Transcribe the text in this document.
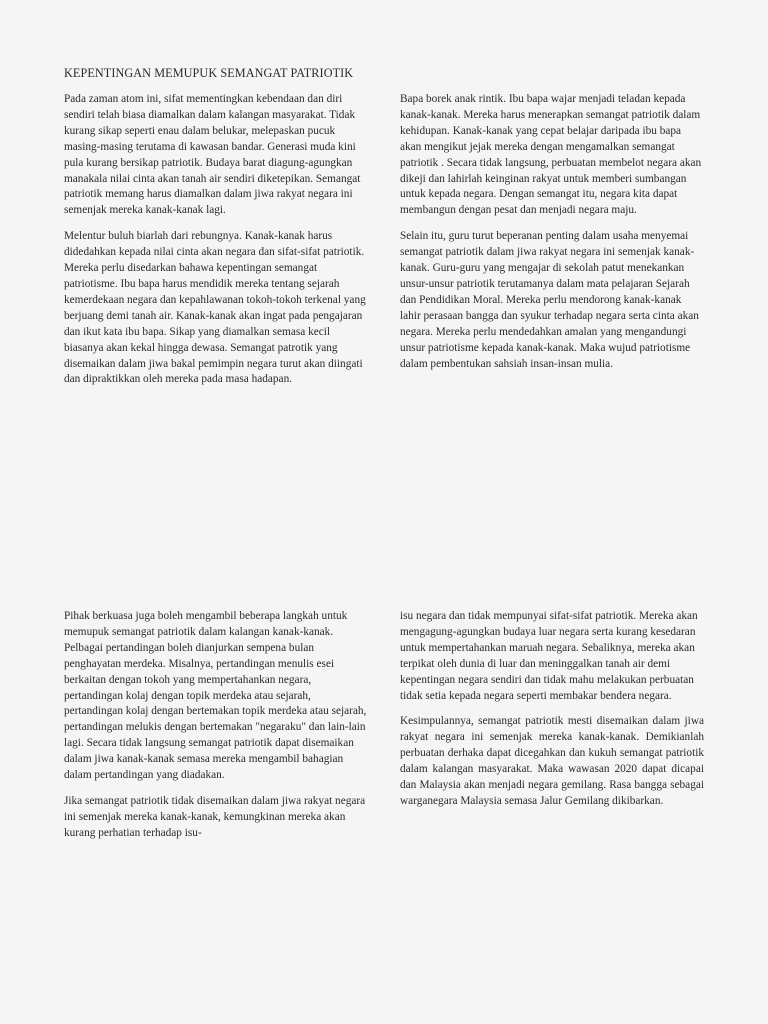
KEPENTINGAN MEMUPUK SEMANGAT PATRIOTIK

Pada zaman atom ini, sifat mementingkan kebendaan dan diri sendiri telah biasa diamalkan dalam kalangan masyarakat. Tidak kurang sikap seperti enau dalam belukar, melepaskan pucuk masing-masing terutama di kawasan bandar. Generasi muda kini pula kurang bersikap patriotik. Budaya barat diagung-agungkan manakala nilai cinta akan tanah air sendiri diketepikan. Semangat patriotik memang harus diamalkan dalam jiwa rakyat negara ini semenjak mereka kanak-kanak lagi.

Melentur buluh biarlah dari rebungnya. Kanak-kanak harus didedahkan kepada nilai cinta akan negara dan sifat-sifat patriotik. Mereka perlu disedarkan bahawa kepentingan semangat patriotisme. Ibu bapa harus mendidik mereka tentang sejarah kemerdekaan negara dan kepahlawanan tokoh-tokoh terkenal yang berjuang demi tanah air. Kanak-kanak akan ingat pada pengajaran dan ikut kata ibu bapa. Sikap yang diamalkan semasa kecil biasanya akan kekal hingga dewasa. Semangat patrotik yang disemaikan dalam jiwa bakal pemimpin negara turut akan diingati dan dipraktikkan oleh mereka pada masa hadapan.

Bapa borek anak rintik. Ibu bapa wajar menjadi teladan kepada kanak-kanak. Mereka harus menerapkan semangat patriotik dalam kehidupan. Kanak-kanak yang cepat belajar daripada ibu bapa akan mengikut jejak mereka dengan mengamalkan semangat patriotik . Secara tidak langsung, perbuatan membelot negara akan dikeji dan lahirlah keinginan rakyat untuk memberi sumbangan untuk kepada negara. Dengan semangat itu, negara kita dapat membangun dengan pesat dan menjadi negara maju.

Selain itu, guru turut beperanan penting dalam usaha menyemai semangat patriotik dalam jiwa rakyat negara ini semenjak kanak-kanak. Guru-guru yang mengajar di sekolah patut menekankan unsur-unsur patriotik terutamanya dalam mata pelajaran Sejarah dan Pendidikan Moral. Mereka perlu mendorong kanak-kanak lahir perasaan bangga dan syukur terhadap negara serta cinta akan negara. Mereka perlu mendedahkan amalan yang mengandungi unsur patriotisme kepada kanak-kanak. Maka wujud patriotisme dalam pembentukan sahsiah insan-insan mulia.

Pihak berkuasa juga boleh mengambil beberapa langkah untuk memupuk semangat patriotik dalam kalangan kanak-kanak. Pelbagai pertandingan boleh dianjurkan sempena bulan penghayatan merdeka. Misalnya, pertandingan menulis esei berkaitan dengan tokoh yang mempertahankan negara, pertandingan kolaj dengan topik merdeka atau sejarah, pertandingan kolaj dengan bertemakan topik merdeka atau sejarah, pertandingan melukis dengan bertemakan "negaraku" dan lain-lain lagi. Secara tidak langsung semangat patriotik dapat disemaikan dalam jiwa kanak-kanak semasa mereka mengambil bahagian dalam pertandingan yang diadakan.

Jika semangat patriotik tidak disemaikan dalam jiwa rakyat negara ini semenjak mereka kanak-kanak, kemungkinan mereka akan kurang perhatian terhadap isu-

isu negara dan tidak mempunyai sifat-sifat patriotik. Mereka akan mengagung-agungkan budaya luar negara serta kurang kesedaran untuk mempertahankan maruah negara. Sebaliknya, mereka akan terpikat oleh dunia di luar dan meninggalkan tanah air demi kepentingan negara sendiri dan tidak mahu melakukan perbuatan tidak setia kepada negara seperti membakar bendera negara.

Kesimpulannya, semangat patriotik mesti disemaikan dalam jiwa rakyat negara ini semenjak mereka kanak-kanak. Demikianlah perbuatan derhaka dapat dicegahkan dan kukuh semangat patriotik dalam kalangan masyarakat. Maka wawasan 2020 dapat dicapai dan Malaysia akan menjadi negara gemilang. Rasa bangga sebagai warganegara Malaysia semasa Jalur Gemilang dikibarkan.
